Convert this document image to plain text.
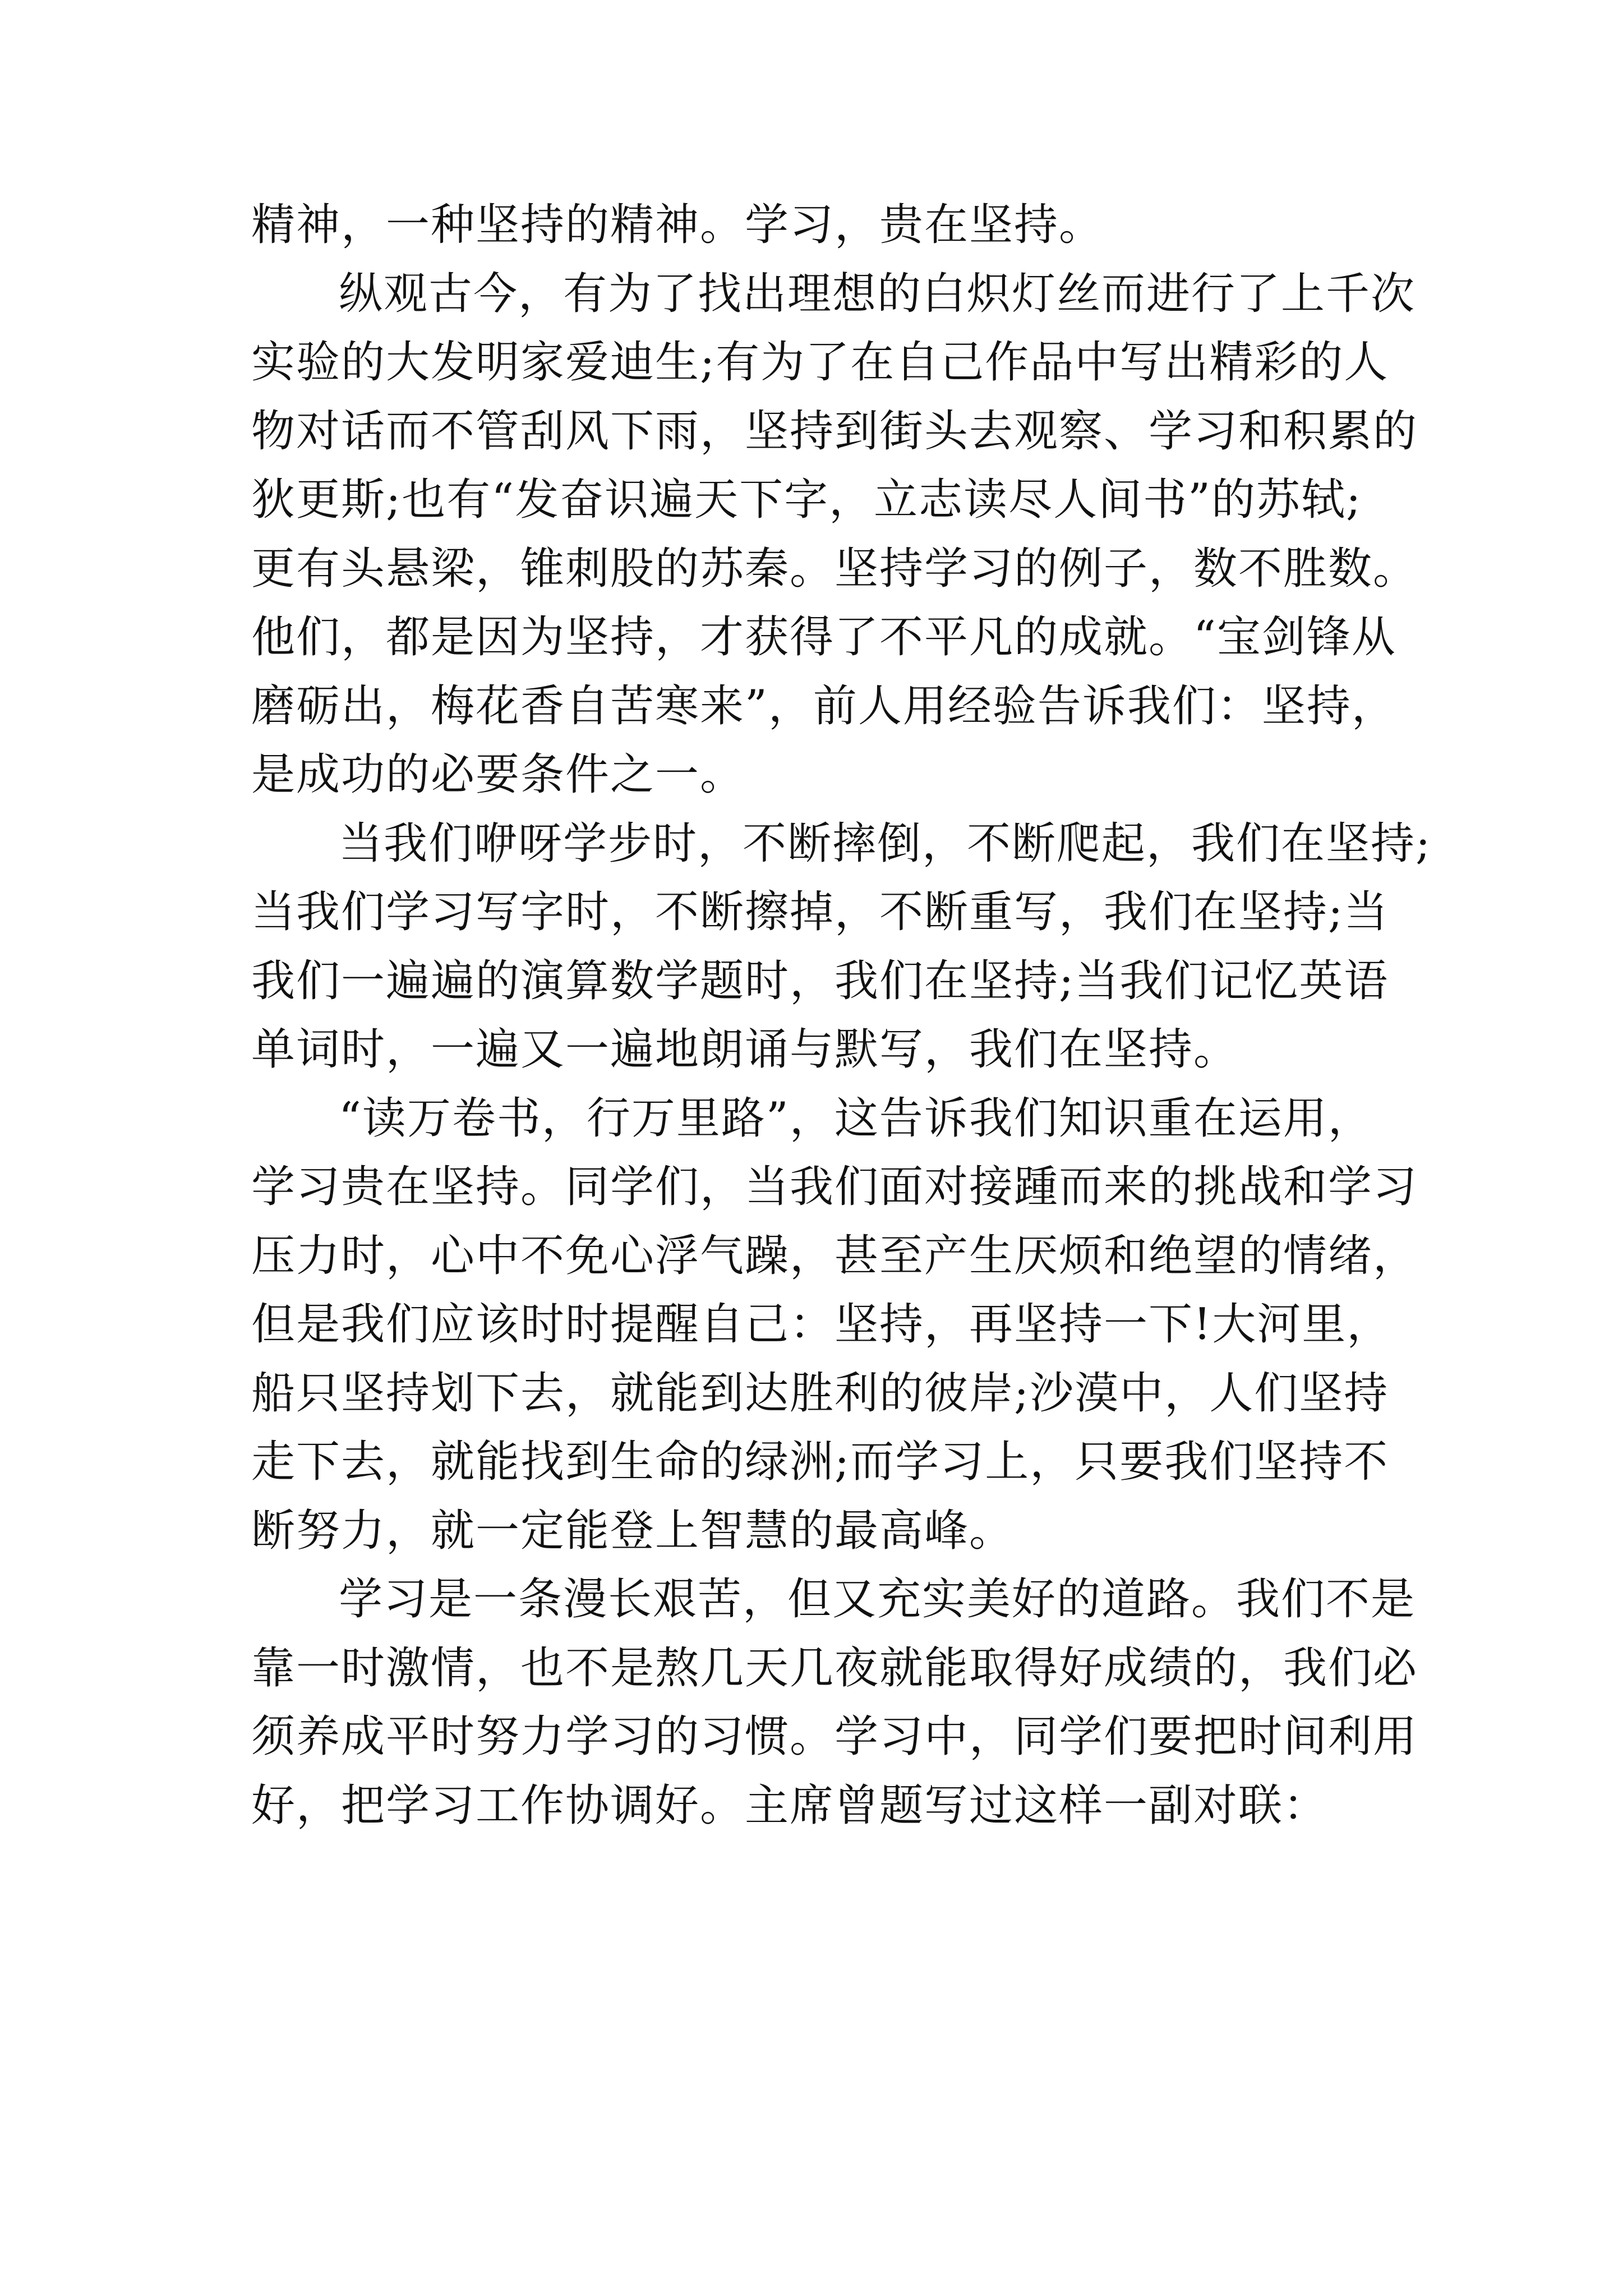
精神，一种坚持的精神。学习，贵在坚持。
纵观古今，有为了找出理想的白炽灯丝而进行了上千次
实验的大发明家爱迪生;有为了在自己作品中写出精彩的人
物对话而不管刮风下雨，坚持到街头去观察、学习和积累的
狄更斯;也有“发奋识遍天下字，立志读尽人间书”的苏轼;
更有头悬梁，锥刺股的苏秦。坚持学习的例子，数不胜数。
他们，都是因为坚持，才获得了不平凡的成就。“宝剑锋从
磨砺出，梅花香自苦寒来”，前人用经验告诉我们：坚持，
是成功的必要条件之一。
当我们咿呀学步时，不断摔倒，不断爬起，我们在坚持;
当我们学习写字时，不断擦掉，不断重写，我们在坚持;当
我们一遍遍的演算数学题时，我们在坚持;当我们记忆英语
单词时，一遍又一遍地朗诵与默写，我们在坚持。
“读万卷书，行万里路”，这告诉我们知识重在运用，
学习贵在坚持。同学们，当我们面对接踵而来的挑战和学习
压力时，心中不免心浮气躁，甚至产生厌烦和绝望的情绪，
但是我们应该时时提醒自己：坚持，再坚持一下!大河里，
船只坚持划下去，就能到达胜利的彼岸;沙漠中，人们坚持
走下去，就能找到生命的绿洲;而学习上，只要我们坚持不
断努力，就一定能登上智慧的最高峰。
学习是一条漫长艰苦，但又充实美好的道路。我们不是
靠一时激情，也不是熬几天几夜就能取得好成绩的，我们必
须养成平时努力学习的习惯。学习中，同学们要把时间利用
好，把学习工作协调好。主席曾题写过这样一副对联：
